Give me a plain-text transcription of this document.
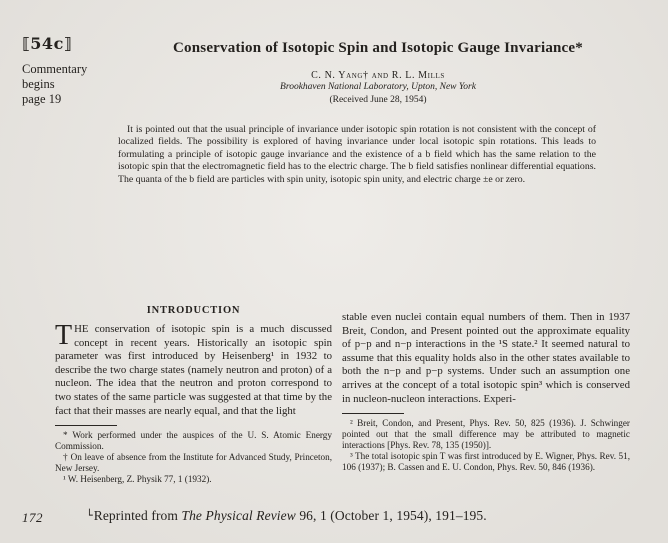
⟦54c⟧
Commentary
begins
page 19
Conservation of Isotopic Spin and Isotopic Gauge Invariance*
C. N. Yang† and R. L. Mills
Brookhaven National Laboratory, Upton, New York
(Received June 28, 1954)
It is pointed out that the usual principle of invariance under isotopic spin rotation is not consistent with the concept of localized fields. The possibility is explored of having invariance under local isotopic spin rotations. This leads to formulating a principle of isotopic gauge invariance and the existence of a b field which has the same relation to the isotopic spin that the electromagnetic field has to the electric charge. The b field satisfies nonlinear differential equations. The quanta of the b field are particles with spin unity, isotopic spin unity, and electric charge ±e or zero.
INTRODUCTION
THE conservation of isotopic spin is a much discussed concept in recent years. Historically an isotopic spin parameter was first introduced by Heisenberg¹ in 1932 to describe the two charge states (namely neutron and proton) of a nucleon. The idea that the neutron and proton correspond to two states of the same particle was suggested at that time by the fact that their masses are nearly equal, and that the light

* Work performed under the auspices of the U. S. Atomic Energy Commission.

† On leave of absence from the Institute for Advanced Study, Princeton, New Jersey.

¹ W. Heisenberg, Z. Physik 77, 1 (1932).

stable even nuclei contain equal numbers of them. Then in 1937 Breit, Condon, and Present pointed out the approximate equality of p−p and n−p interactions in the ¹S state.² It seemed natural to assume that this equality holds also in the other states available to both the n−p and p−p systems. Under such an assumption one arrives at the concept of a total isotopic spin³ which is conserved in nucleon-nucleon interactions. Experi-

² Breit, Condon, and Present, Phys. Rev. 50, 825 (1936). J. Schwinger pointed out that the small difference may be attributed to magnetic interactions [Phys. Rev. 78, 135 (1950)].

³ The total isotopic spin T was first introduced by E. Wigner, Phys. Rev. 51, 106 (1937); B. Cassen and E. U. Condon, Phys. Rev. 50, 846 (1936).

172	└Reprinted from The Physical Review 96, 1 (October 1, 1954), 191–195.
